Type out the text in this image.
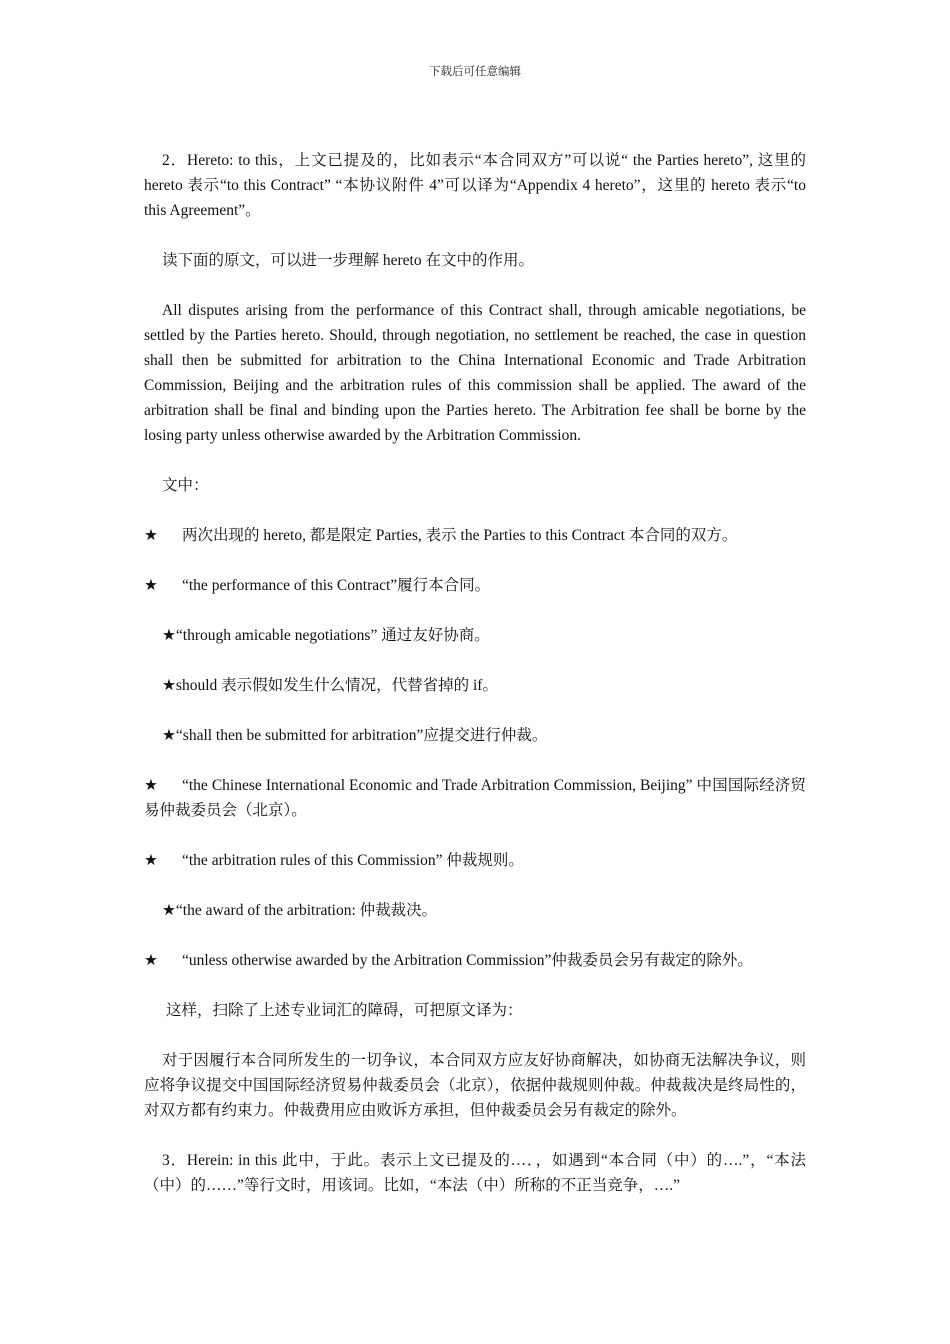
下载后可任意编辑

2．Hereto: to this，上文已提及的，比如表示“本合同双方”可以说“ the Parties hereto”, 这里的 hereto 表示“to this Contract” “本协议附件 4”可以译为“Appendix 4 hereto”，这里的 hereto 表示“to this Agreement”。

读下面的原文，可以进一步理解 hereto 在文中的作用。

All disputes arising from the performance of this Contract shall, through amicable negotiations, be settled by the Parties hereto. Should, through negotiation, no settlement be reached, the case in question shall then be submitted for arbitration to the China International Economic and Trade Arbitration Commission, Beijing and the arbitration rules of this commission shall be applied. The award of the arbitration shall be final and binding upon the Parties hereto. The Arbitration fee shall be borne by the losing party unless otherwise awarded by the Arbitration Commission.

文中：

★ 两次出现的 hereto, 都是限定 Parties, 表示 the Parties to this Contract 本合同的双方。

★ “the performance of this Contract”履行本合同。

★“through amicable negotiations” 通过友好协商。

★should 表示假如发生什么情况，代替省掉的 if。

★“shall then be submitted for arbitration”应提交进行仲裁。

★ “the Chinese International Economic and Trade Arbitration Commission, Beijing” 中国国际经济贸易仲裁委员会（北京）。

★ “the arbitration rules of this Commission” 仲裁规则。

★“the award of the arbitration: 仲裁裁决。

★ “unless otherwise awarded by the Arbitration Commission”仲裁委员会另有裁定的除外。

这样，扫除了上述专业词汇的障碍，可把原文译为：

对于因履行本合同所发生的一切争议，本合同双方应友好协商解决，如协商无法解决争议，则应将争议提交中国国际经济贸易仲裁委员会（北京），依据仲裁规则仲裁。仲裁裁决是终局性的，对双方都有约束力。仲裁费用应由败诉方承担，但仲裁委员会另有裁定的除外。

3．Herein: in this 此中，于此。表示上文已提及的…．，如遇到“本合同（中）的….”，“本法（中）的……”等行文时，用该词。比如，“本法（中）所称的不正当竞争，….”
